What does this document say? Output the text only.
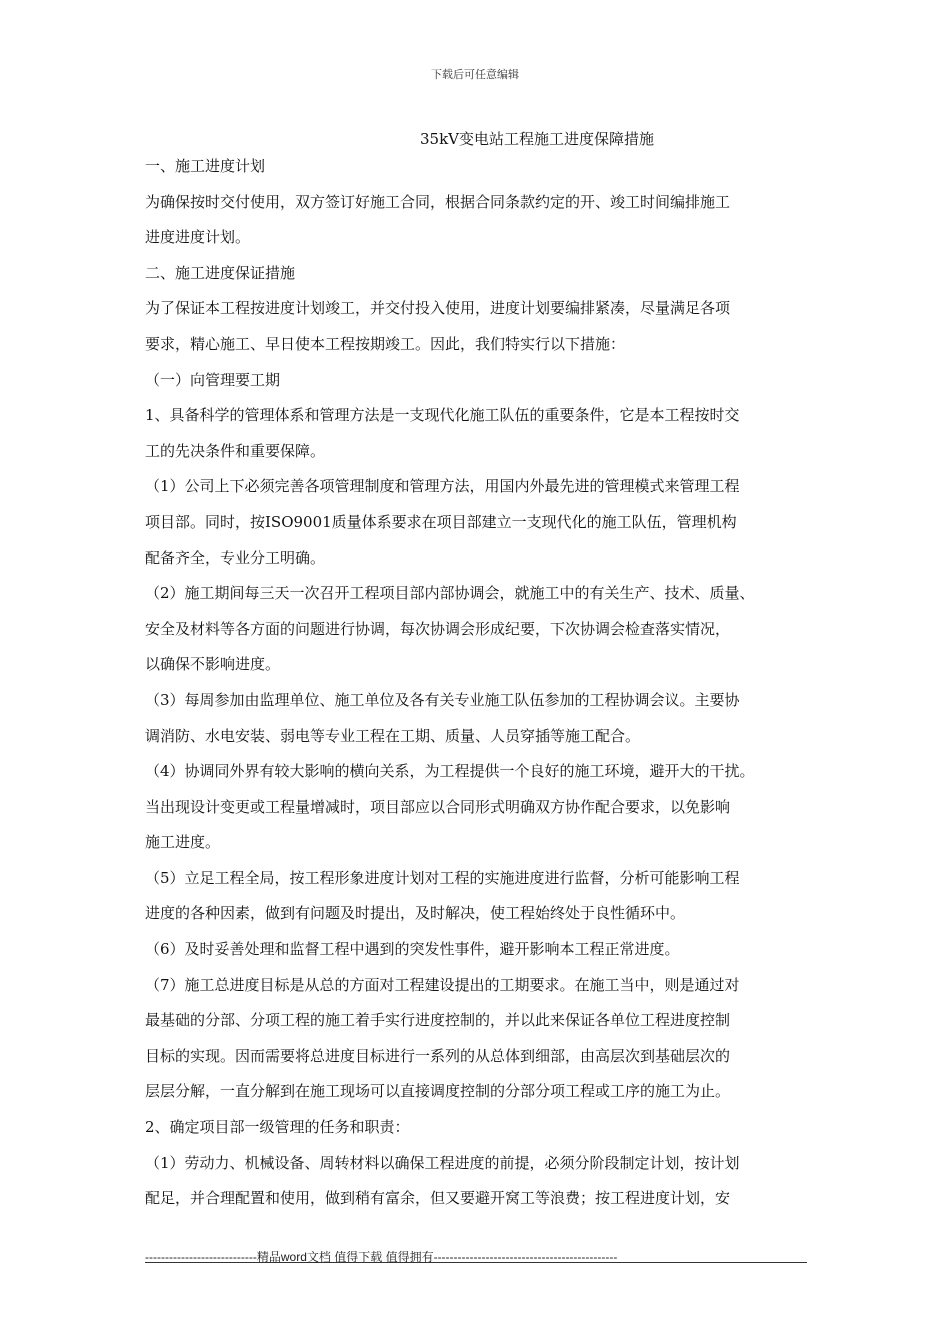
下载后可任意编辑
35kV变电站工程施工进度保障措施

一、施工进度计划

为确保按时交付使用，双方签订好施工合同，根据合同条款约定的开、竣工时间编排施工

进度进度计划。

二、施工进度保证措施

为了保证本工程按进度计划竣工，并交付投入使用，进度计划要编排紧凑，尽量满足各项

要求，精心施工、早日使本工程按期竣工。因此，我们特实行以下措施：

（一）向管理要工期

1、具备科学的管理体系和管理方法是一支现代化施工队伍的重要条件，它是本工程按时交

工的先决条件和重要保障。

（1）公司上下必须完善各项管理制度和管理方法，用国内外最先进的管理模式来管理工程

项目部。同时，按ISO9001质量体系要求在项目部建立一支现代化的施工队伍，管理机构

配备齐全，专业分工明确。

（2）施工期间每三天一次召开工程项目部内部协调会，就施工中的有关生产、技术、质量、

安全及材料等各方面的问题进行协调，每次协调会形成纪要，下次协调会检查落实情况，

以确保不影响进度。

（3）每周参加由监理单位、施工单位及各有关专业施工队伍参加的工程协调会议。主要协

调消防、水电安装、弱电等专业工程在工期、质量、人员穿插等施工配合。

（4）协调同外界有较大影响的横向关系，为工程提供一个良好的施工环境，避开大的干扰。

当出现设计变更或工程量增减时，项目部应以合同形式明确双方协作配合要求，以免影响

施工进度。

（5）立足工程全局，按工程形象进度计划对工程的实施进度进行监督，分析可能影响工程

进度的各种因素，做到有问题及时提出，及时解决，使工程始终处于良性循环中。

（6）及时妥善处理和监督工程中遇到的突发性事件，避开影响本工程正常进度。

（7）施工总进度目标是从总的方面对工程建设提出的工期要求。在施工当中，则是通过对

最基础的分部、分项工程的施工着手实行进度控制的，并以此来保证各单位工程进度控制

目标的实现。因而需要将总进度目标进行一系列的从总体到细部，由高层次到基础层次的

层层分解，一直分解到在施工现场可以直接调度控制的分部分项工程或工序的施工为止。

2、确定项目部一级管理的任务和职责：

（1）劳动力、机械设备、周转材料以确保工程进度的前提，必须分阶段制定计划，按计划

配足，并合理配置和使用，做到稍有富余，但又要避开窝工等浪费；按工程进度计划，安

----------------------------精品word文档 值得下载 值得拥有----------------------------------------------
